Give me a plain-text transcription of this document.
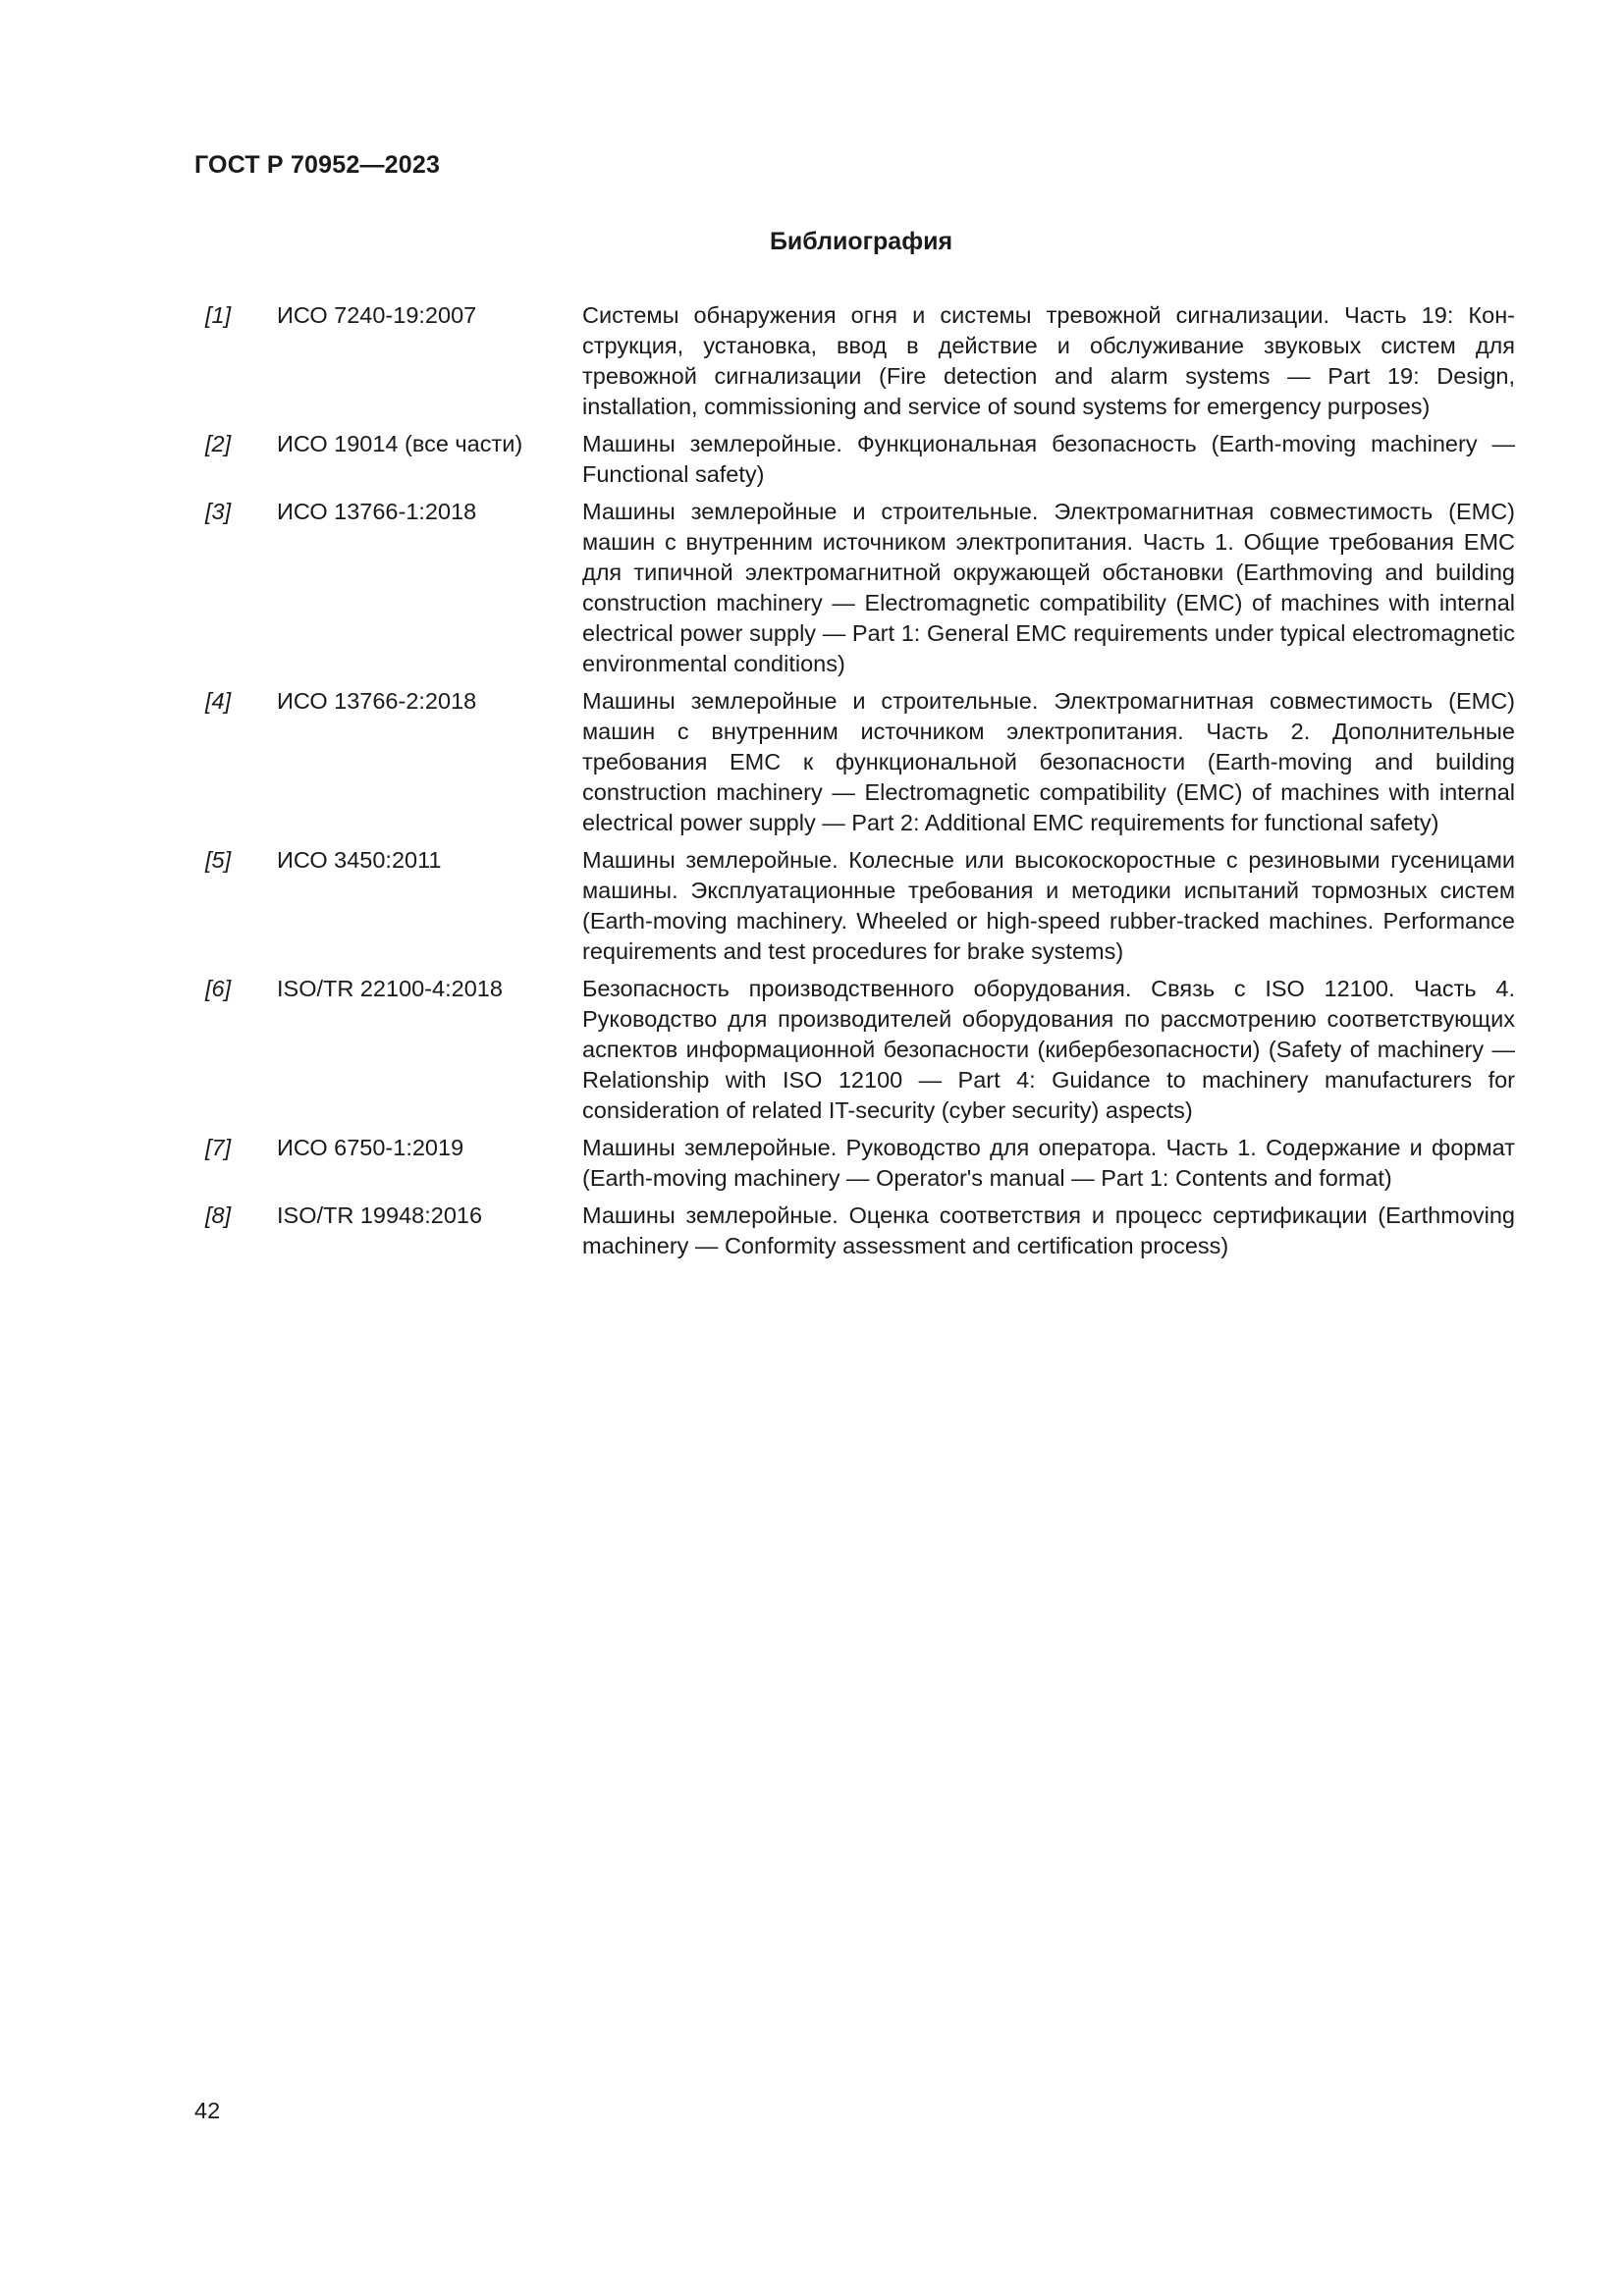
ГОСТ Р 70952—2023

Библиография
[1]	ИСО 7240-19:2007	Системы обнаружения огня и системы тревожной сигнализации. Часть 19: Конструкция, установка, ввод в действие и обслуживание звуковых систем для тревожной сигнализации (Fire detection and alarm systems — Part 19: Design, installation, commissioning and service of sound systems for emergency purposes)
[2]	ИСО 19014 (все части)	Машины землеройные. Функциональная безопасность (Earth-moving machinery — Functional safety)
[3]	ИСО 13766-1:2018	Машины землеройные и строительные. Электромагнитная совместимость (ЕМС) машин с внутренним источником электропитания. Часть 1. Общие требования ЕМС для типичной электромагнитной окружающей обстановки (Earthmoving and building construction machinery — Electromagnetic compatibility (EMC) of machines with internal electrical power supply — Part 1: General EMC requirements under typical electromagnetic environmental conditions)
[4]	ИСО 13766-2:2018	Машины землеройные и строительные. Электромагнитная совместимость (ЕМС) машин с внутренним источником электропитания. Часть 2. Дополнительные требования ЕМС к функциональной безопасности (Earth-moving and building construction machinery — Electromagnetic compatibility (EMC) of machines with internal electrical power supply — Part 2: Additional EMC requirements for functional safety)
[5]	ИСО 3450:2011	Машины землеройные. Колесные или высокоскоростные с резиновыми гусеницами машины. Эксплуатационные требования и методики испытаний тормозных систем (Earth-moving machinery. Wheeled or high-speed rubber-tracked machines. Performance requirements and test procedures for brake systems)
[6]	ISO/TR 22100-4:2018	Безопасность производственного оборудования. Связь с ISO 12100. Часть 4. Руководство для производителей оборудования по рассмотрению соответствующих аспектов информационной безопасности (кибербезопасности) (Safety of machinery — Relationship with ISO 12100 — Part 4: Guidance to machinery manufacturers for consideration of related IT-security (cyber security) aspects)
[7]	ИСО 6750-1:2019	Машины землеройные. Руководство для оператора. Часть 1. Содержание и формат (Earth-moving machinery — Operator's manual — Part 1: Contents and format)
[8]	ISO/TR 19948:2016	Машины землеройные. Оценка соответствия и процесс сертификации (Earthmoving machinery — Conformity assessment and certification process)

42
